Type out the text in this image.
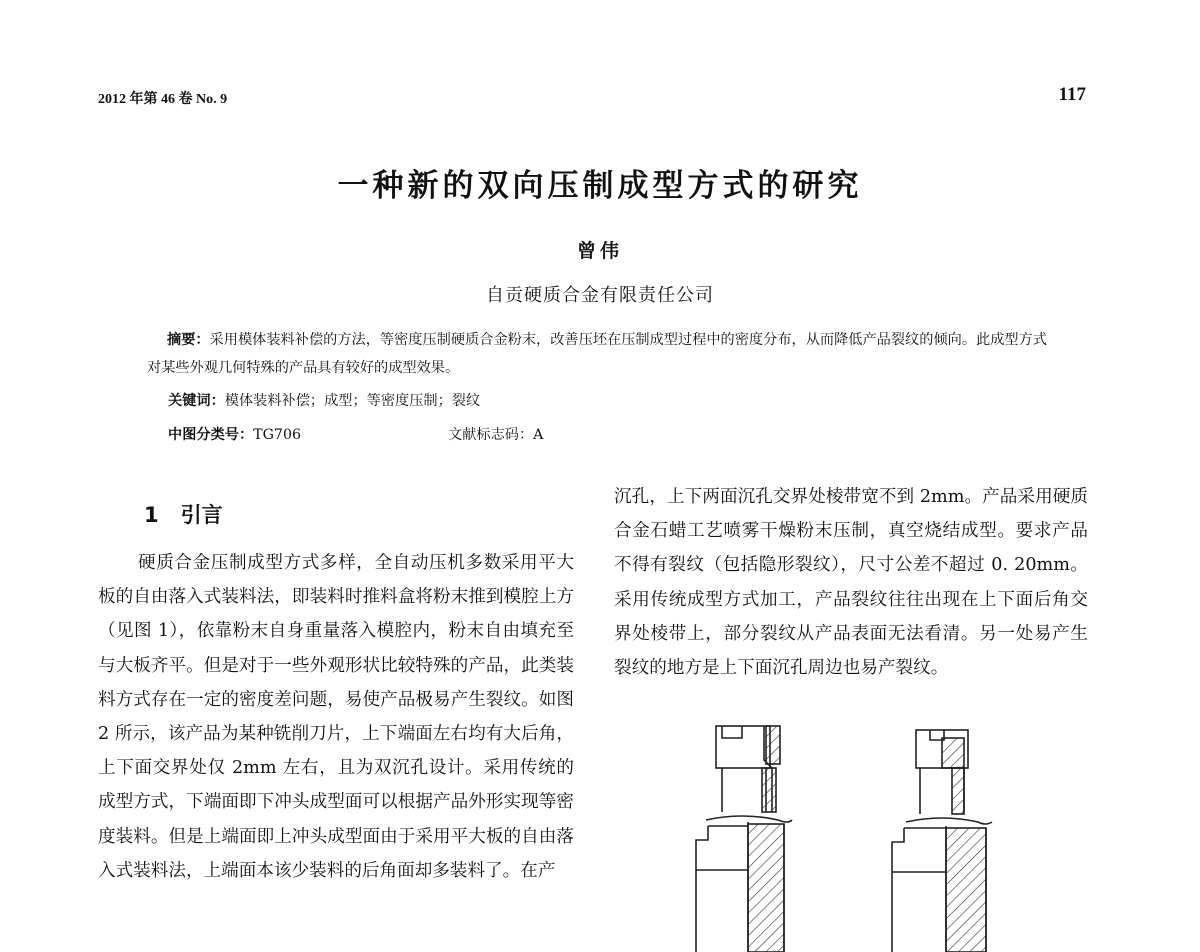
2012 年第 46 卷 No. 9	117
一种新的双向压制成型方式的研究
曾伟
自贡硬质合金有限责任公司

摘要：采用模体装料补偿的方法，等密度压制硬质合金粉末，改善压坯在压制成型过程中的密度分布，从而降低产品裂纹的倾向。此成型方式对某些外观几何特殊的产品具有较好的成型效果。

关键词：模体装料补偿；成型；等密度压制；裂纹
中图分类号：TG706	文献标志码：A
1 引言

硬质合金压制成型方式多样，全自动压机多数采用平大板的自由落入式装料法，即装料时推料盒将粉末推到模腔上方（见图 1），依靠粉末自身重量落入模腔内，粉末自由填充至与大板齐平。但是对于一些外观形状比较特殊的产品，此类装料方式存在一定的密度差问题，易使产品极易产生裂纹。如图 2 所示，该产品为某种铣削刀片，上下端面左右均有大后角，上下面交界处仅 2mm 左右，且为双沉孔设计。采用传统的成型方式，下端面即下冲头成型面可以根据产品外形实现等密度装料。但是上端面即上冲头成型面由于采用平大板的自由落入式装料法，上端面本该少装料的后角面却多装料了。在产

沉孔，上下两面沉孔交界处棱带宽不到 2mm。产品采用硬质合金石蜡工艺喷雾干燥粉末压制，真空烧结成型。要求产品不得有裂纹（包括隐形裂纹），尺寸公差不超过 0. 20mm。采用传统成型方式加工，产品裂纹往往出现在上下面后角交界处棱带上，部分裂纹从产品表面无法看清。另一处易产生裂纹的地方是上下面沉孔周边也易产裂纹。
